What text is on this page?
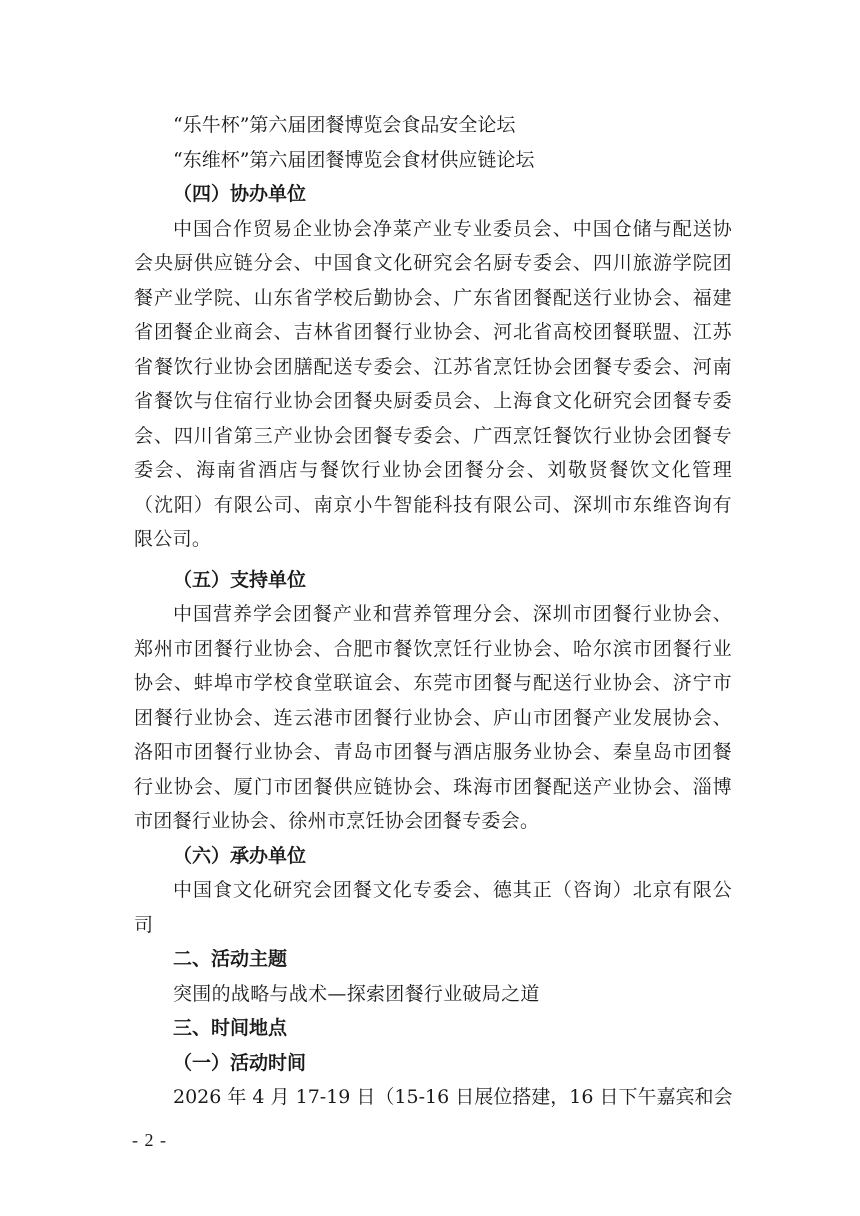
“乐牛杯”第六届团餐博览会食品安全论坛

“东维杯”第六届团餐博览会食材供应链论坛

（四）协办单位

中国合作贸易企业协会净菜产业专业委员会、中国仓储与配送协会央厨供应链分会、中国食文化研究会名厨专委会、四川旅游学院团餐产业学院、山东省学校后勤协会、广东省团餐配送行业协会、福建省团餐企业商会、吉林省团餐行业协会、河北省高校团餐联盟、江苏省餐饮行业协会团膳配送专委会、江苏省烹饪协会团餐专委会、河南省餐饮与住宿行业协会团餐央厨委员会、上海食文化研究会团餐专委会、四川省第三产业协会团餐专委会、广西烹饪餐饮行业协会团餐专委会、海南省酒店与餐饮行业协会团餐分会、刘敬贤餐饮文化管理（沈阳）有限公司、南京小牛智能科技有限公司、深圳市东维咨询有限公司。

（五）支持单位

中国营养学会团餐产业和营养管理分会、深圳市团餐行业协会、郑州市团餐行业协会、合肥市餐饮烹饪行业协会、哈尔滨市团餐行业协会、蚌埠市学校食堂联谊会、东莞市团餐与配送行业协会、济宁市团餐行业协会、连云港市团餐行业协会、庐山市团餐产业发展协会、洛阳市团餐行业协会、青岛市团餐与酒店服务业协会、秦皇岛市团餐行业协会、厦门市团餐供应链协会、珠海市团餐配送产业协会、淄博市团餐行业协会、徐州市烹饪协会团餐专委会。

（六）承办单位

中国食文化研究会团餐文化专委会、德其正（咨询）北京有限公司

二、活动主题

突围的战略与战术—探索团餐行业破局之道

三、时间地点

（一）活动时间

2026 年 4 月 17-19 日（15-16 日展位搭建，16 日下午嘉宾和会

- 2 -
